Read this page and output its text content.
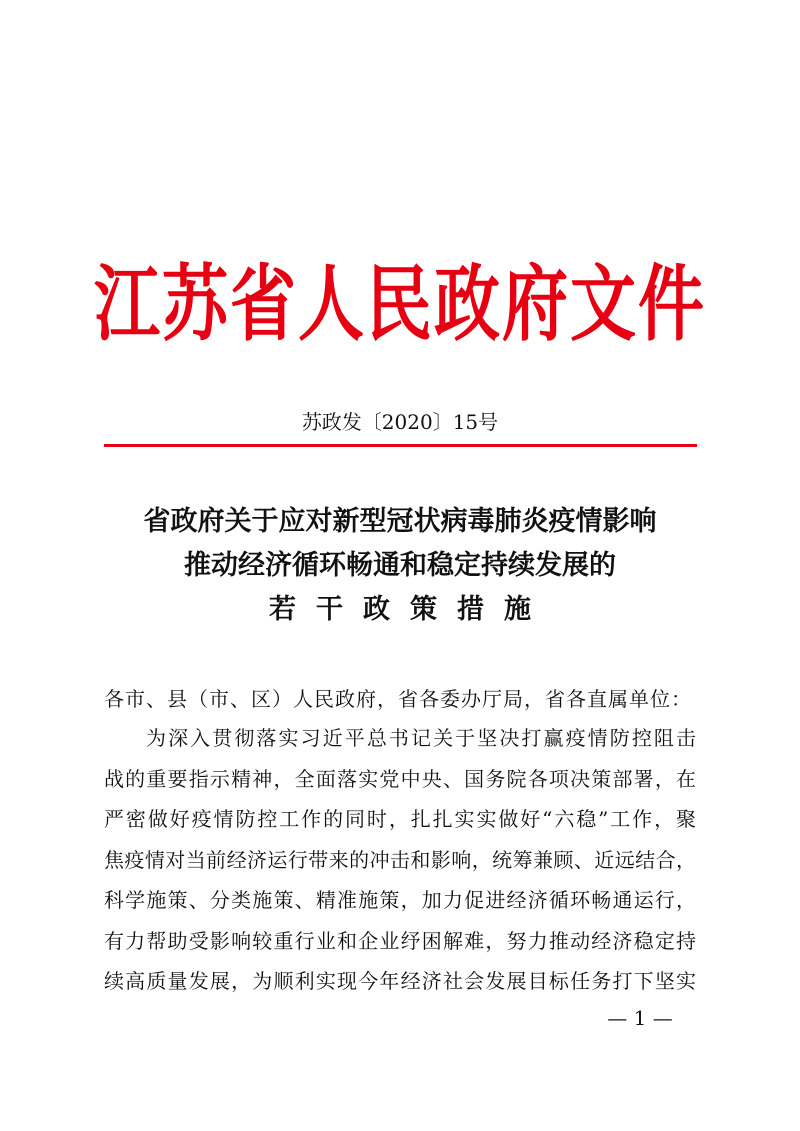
江苏省人民政府文件
苏政发〔2020〕15号
省政府关于应对新型冠状病毒肺炎疫情影响
推动经济循环畅通和稳定持续发展的
若干政策措施
各市、县（市、区）人民政府，省各委办厅局，省各直属单位：
为深入贯彻落实习近平总书记关于坚决打赢疫情防控阻击
战的重要指示精神，全面落实党中央、国务院各项决策部署，在
严密做好疫情防控工作的同时，扎扎实实做好“六稳”工作，聚
焦疫情对当前经济运行带来的冲击和影响，统筹兼顾、近远结合，
科学施策、分类施策、精准施策，加力促进经济循环畅通运行，
有力帮助受影响较重行业和企业纾困解难，努力推动经济稳定持
续高质量发展，为顺利实现今年经济社会发展目标任务打下坚实
— 1 —
